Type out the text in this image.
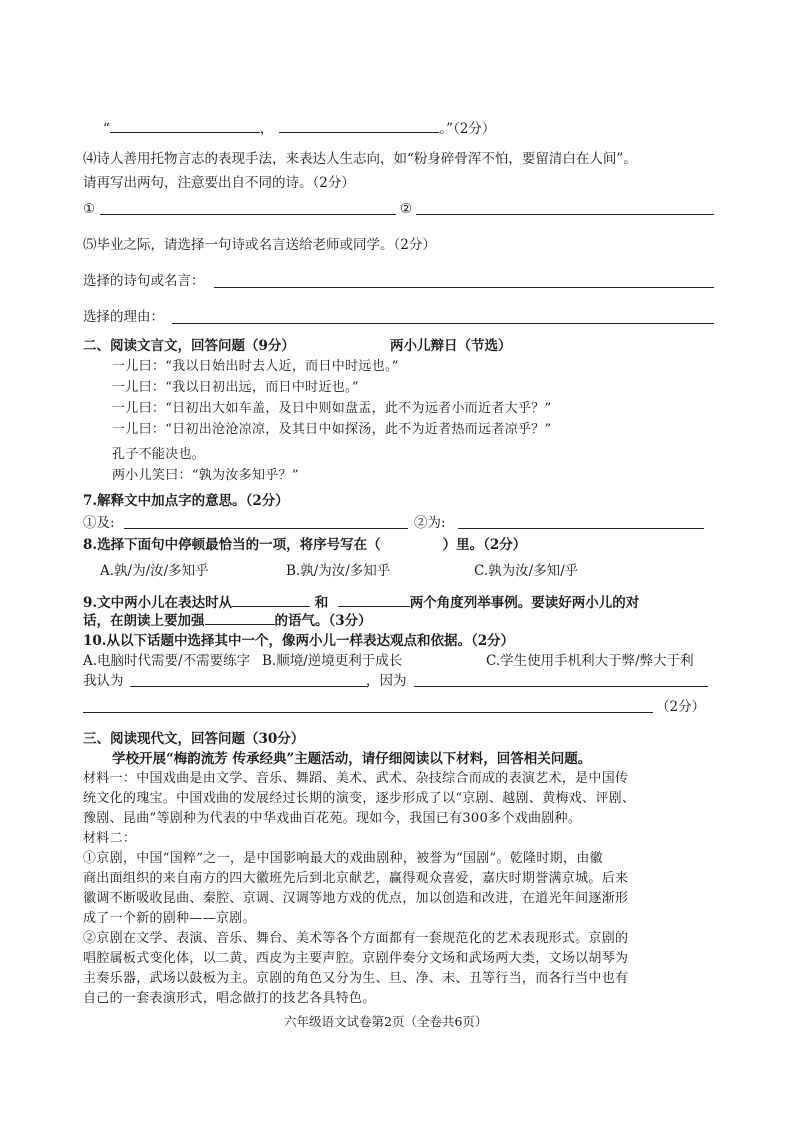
“	，	。”（2分）
⑷诗人善用托物言志的表现手法，来表达人生志向，如“粉身碎骨浑不怕，要留清白在人间”。
请再写出两句，注意要出自不同的诗。（2分）
①	②
⑸毕业之际，请选择一句诗或名言送给老师或同学。（2分）
选择的诗句或名言：
选择的理由：
二、阅读文言文，回答问题（9分）	两小儿辩日（节选）
一儿曰：“我以日始出时去人近，而日中时远也。”
一儿曰：“我以日初出远，而日中时近也。”
一儿曰：“日初出大如车盖，及日中则如盘盂，此不为远者小而近者大乎？”
一儿曰：“日初出沧沧凉凉，及其日中如探汤，此不为近者热而远者凉乎？”
孔子不能决也。
两小儿笑曰：“孰为汝多知乎？”
7.解释文中加点字的意思。（2分）
①及:	②为:
8.选择下面句中停顿最恰当的一项，将序号写在（	）里。（2分）
A.孰/为/汝/多知乎	B.孰/为汝/多知乎	C.孰为汝/多知/乎
9.文中两小儿在表达时从	和	两个角度列举事例。要读好两小儿的对
话，在朗读上要加强	的语气。（3分）
10.从以下话题中选择其中一个，像两小儿一样表达观点和依据。（2分）
A.电脑时代需要/不需要练字 B.顺境/逆境更利于成长	C.学生使用手机利大于弊/弊大于利
我认为	，因为
（2分）
三、阅读现代文，回答问题（30分）
学校开展“梅韵流芳 传承经典”主题活动，请仔细阅读以下材料，回答相关问题。
材料一：中国戏曲是由文学、音乐、舞蹈、美术、武术、杂技综合而成的表演艺术，是中国传
统文化的瑰宝。中国戏曲的发展经过长期的演变，逐步形成了以“京剧、越剧、黄梅戏、评剧、
豫剧、昆曲”等剧种为代表的中华戏曲百花苑。现如今，我国已有300多个戏曲剧种。
材料二：
①京剧，中国“国粹”之一，是中国影响最大的戏曲剧种，被誉为“国剧”。乾隆时期，由徽
商出面组织的来自南方的四大徽班先后到北京献艺，赢得观众喜爱，嘉庆时期誉满京城。后来
徽调不断吸收昆曲、秦腔、京调、汉调等地方戏的优点，加以创造和改进，在道光年间逐渐形
成了一个新的剧种——京剧。
②京剧在文学、表演、音乐、舞台、美术等各个方面都有一套规范化的艺术表现形式。京剧的
唱腔属板式变化体，以二黄、西皮为主要声腔。京剧伴奏分文场和武场两大类，文场以胡琴为
主奏乐器，武场以鼓板为主。京剧的角色又分为生、旦、净、末、丑等行当，而各行当中也有
自己的一套表演形式，唱念做打的技艺各具特色。
六年级语文试卷第2页（全卷共6页）
